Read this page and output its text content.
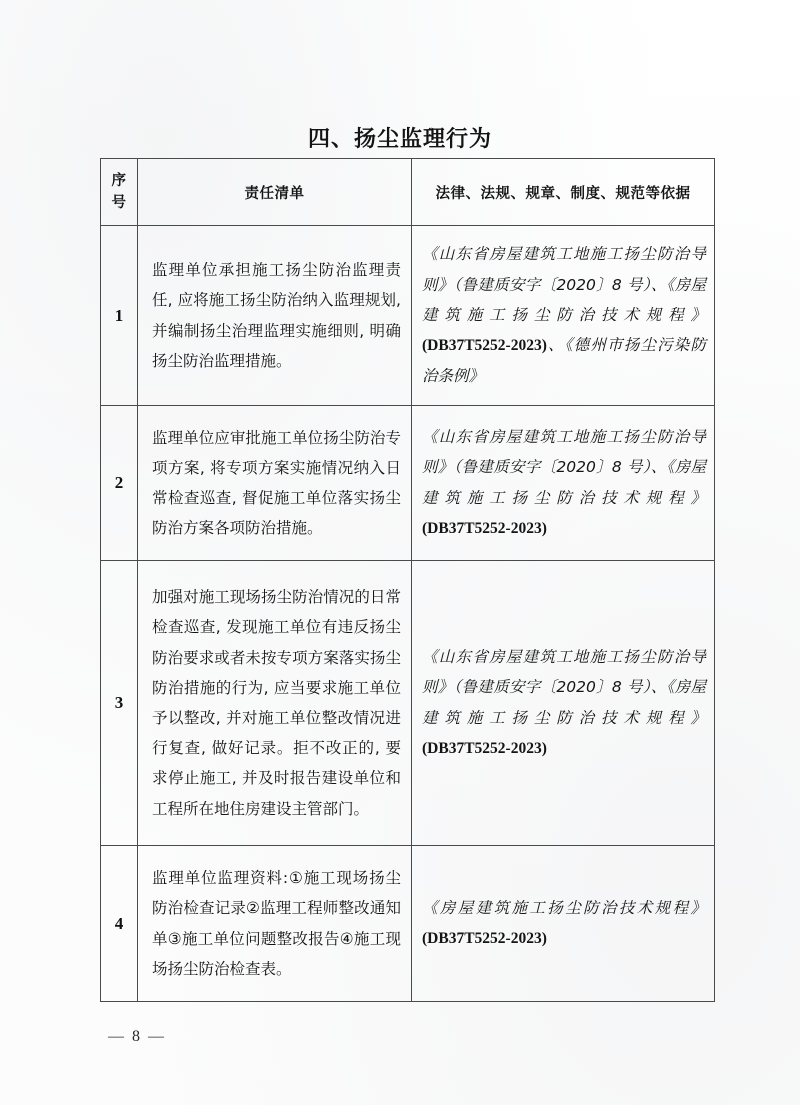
四、扬尘监理行为
序
号	责任清单	法律、法规、规章、制度、规范等依据
1	监理单位承担施工扬尘防治监理责任, 应将施工扬尘防治纳入监理规划, 并编制扬尘治理监理实施细则, 明确扬尘防治监理措施。	《山东省房屋建筑工地施工扬尘防治导则》（鲁建质安字〔2020〕8 号）、《房屋建筑施工扬尘防治技术规程》(DB37T5252-2023)、《德州市扬尘污染防治条例》
2	监理单位应审批施工单位扬尘防治专项方案, 将专项方案实施情况纳入日常检查巡查, 督促施工单位落实扬尘防治方案各项防治措施。	《山东省房屋建筑工地施工扬尘防治导则》（鲁建质安字〔2020〕8 号）、《房屋建筑施工扬尘防治技术规程》(DB37T5252-2023)
3	加强对施工现场扬尘防治情况的日常检查巡查, 发现施工单位有违反扬尘防治要求或者未按专项方案落实扬尘防治措施的行为, 应当要求施工单位予以整改, 并对施工单位整改情况进行复查, 做好记录。拒不改正的, 要求停止施工, 并及时报告建设单位和工程所在地住房建设主管部门。	《山东省房屋建筑工地施工扬尘防治导则》（鲁建质安字〔2020〕8 号）、《房屋建筑施工扬尘防治技术规程》(DB37T5252-2023)
4	监理单位监理资料:①施工现场扬尘防治检查记录②监理工程师整改通知单③施工单位问题整改报告④施工现场扬尘防治检查表。	《房屋建筑施工扬尘防治技术规程》(DB37T5252-2023)
— 8 —
